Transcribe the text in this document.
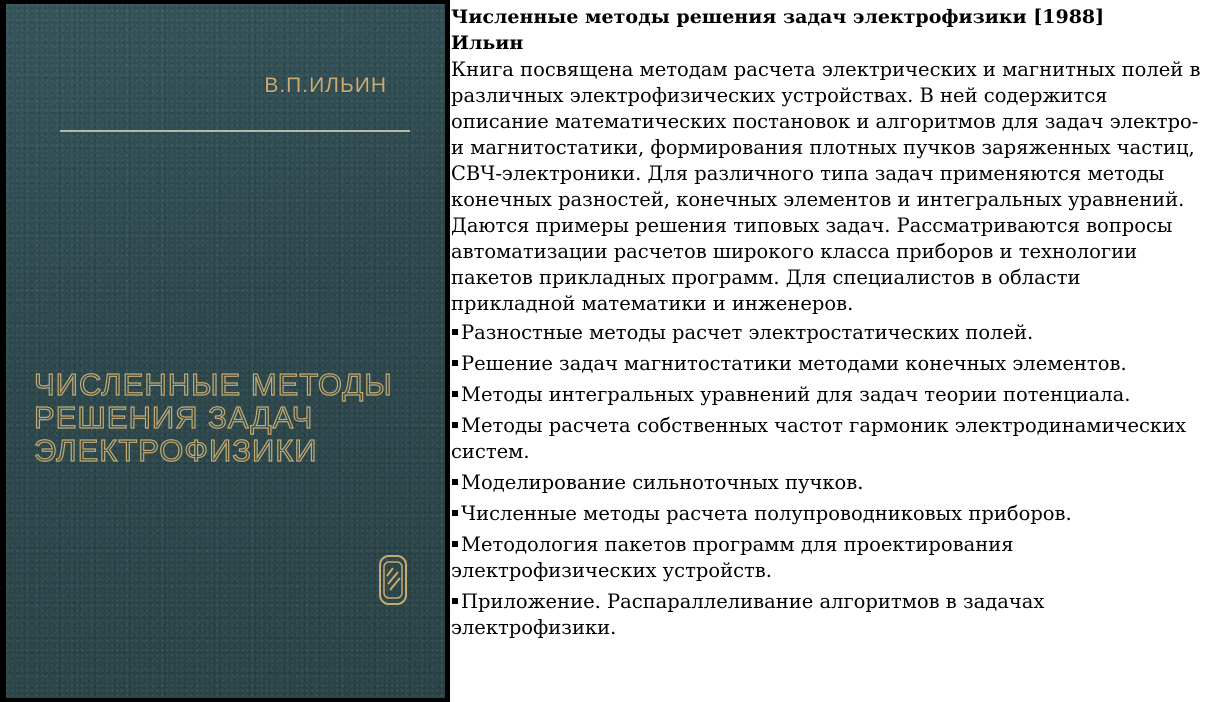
В.П.ИЛЬИН
ЧИСЛЕННЫЕ МЕТОДЫ
РЕШЕНИЯ ЗАДАЧ
ЭЛЕКТРОФИЗИКИ

Численные методы решения задач электрофизики [1988]

Ильин

Книга посвящена методам расчета электрических и магнитных полей в различных электрофизических устройствах. В ней содержится описание математических постановок и алгоритмов для задач электро- и магнитостатики, формирования плотных пучков заряженных частиц, СВЧ-электроники. Для различного типа задач применяются методы конечных разностей, конечных элементов и интегральных уравнений. Даются примеры решения типовых задач. Рассматриваются вопросы автоматизации расчетов широкого класса приборов и технологии пакетов прикладных программ. Для специалистов в области прикладной математики и инженеров.

Разностные методы расчет электростатических полей.
Решение задач магнитостатики методами конечных элементов.
Методы интегральных уравнений для задач теории потенциала.
Методы расчета собственных частот гармоник электродинамических систем.
Моделирование сильноточных пучков.
Численные методы расчета полупроводниковых приборов.
Методология пакетов программ для проектирования электрофизических устройств.
Приложение. Распараллеливание алгоритмов в задачах электрофизики.
